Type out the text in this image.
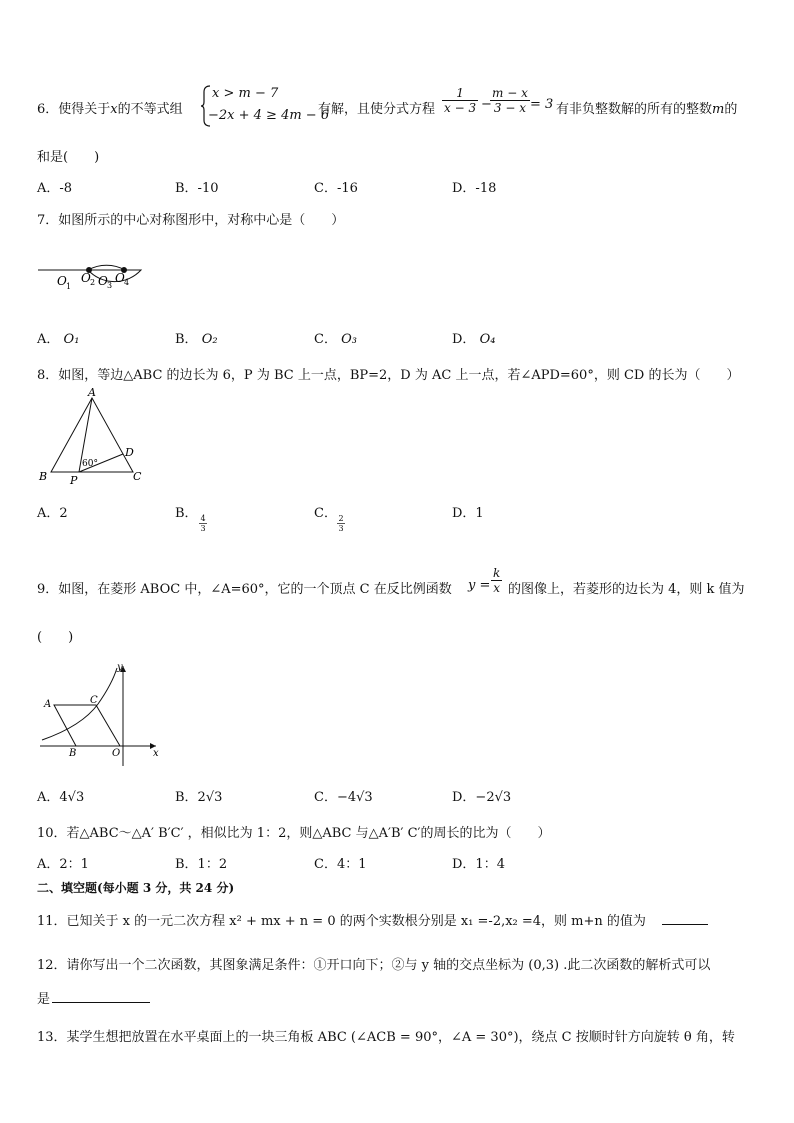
6．使得关于x的不等式组
x > m − 7
−2x + 4 ≥ 4m − 6
有解，且使分式方程 $\frac{1}{x - 3}$ −
$\frac{m - x}{3 - x} = 3$ 有非负整数解的所有的整数m的
和是(　　)
A．-8	B．-10	C．-16	D．-18
7．如图所示的中心对称图形中，对称中心是（　　）
O 1
O 2 O 3
O 4
A． O₁	B． O₂	C． O₃	D． O₄
8．如图，等边△ABC 的边长为 6，P 为 BC 上一点，BP=2，D 为 AC 上一点，若∠APD=60°，则 CD 的长为（　　）
A
B	C
D
P
60°
A．2	B．
$\frac{4}{3}$
C．
$\frac{2}{3}$
D．1
9．如图，在菱形 ABOC 中，∠A=60°，它的一个顶点 C 在反比例函数 $y = \frac{k}{x}$ 的图像上，若菱形的边长为 4，则 k 值为
(　　)
y
A	C
B	O	x
A．4√3	B．2√3	C．−4√3	D．−2√3
10．若△ABC～△A′ B′C′ ，相似比为 1：2，则△ABC 与△A′B′ C′的周长的比为（　　）
A．2：1	B．1：2	C．4：1	D．1：4
二、填空题(每小题 3 分，共 24 分)
11．已知关于 x 的一元二次方程 x² + mx + n = 0 的两个实数根分别是 x₁ =-2,x₂ =4，则 m+n 的值为
12．请你写出一个二次函数，其图象满足条件：①开口向下；②与 y 轴的交点坐标为 (0,3) .此二次函数的解析式可以
是
13．某学生想把放置在水平桌面上的一块三角板 ABC (∠ACB = 90°，∠A = 30°)，绕点 C 按顺时针方向旋转 θ 角，转
